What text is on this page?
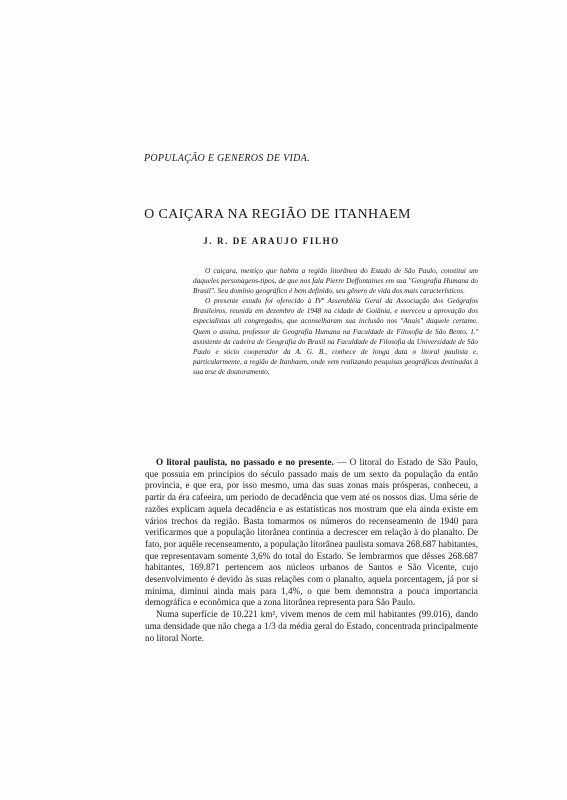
POPULAÇÃO E GENEROS DE VIDA.
O CAIÇARA NA REGIÃO DE ITANHAEM
J. R. DE ARAUJO FILHO

O caiçara, mestiço que habita a região litorânea do Estado de São Paulo, constitui um daqueles personagens-tipos, de que nos fala Pierre Deffontaines em sua "Geografia Humana do Brasil". Seu domínio geográfico é bem definido, seu gênero de vida dos mais característicos.

O presente estudo foi oferecido à IVª Assembléia Geral da Associação dos Geógrafos Brasileiros, reunida em dezembro de 1948 na cidade de Goiânia, e mereceu a aprovação dos especialistas ali congregados, que aconselharam sua inclusão nos "Anais" daquele certame. Quem o assina, professor de Geografia Humana na Faculdade de Filosofia de São Bento, 1.º assistente da cadeira de Geografia do Brasil na Faculdade de Filosofia da Universidade de São Paulo e sócio cooperador da A. G. B., conhece de longa data o litoral paulista e, particularmente, a região de Itanhaem, onde vem realizando pesquisas geográficas destinadas à sua tese de doutoramento.

O litoral paulista, no passado e no presente. — O litoral do Estado de São Paulo, que possuia em princípios do século passado mais de um sexto da população da então província, e que era, por isso mesmo, uma das suas zonas mais prósperas, conheceu, a partir da éra cafeeira, um período de decadência que vem até os nossos dias. Uma série de razões explicam aquela decadência e as estatísticas nos mostram que ela ainda existe em vários trechos da região. Basta tomarmos os números do recenseamento de 1940 para verificarmos que a população litorânea continúa a decrescer em relação à do planalto. De fato, por aquêle recenseamento, a população litorânea paulista somava 268.687 habitantes, que representavam somente 3,6% do total do Estado. Se lembrarmos que dêsses 268.687 habitantes, 169.871 pertencem aos núcleos urbanos de Santos e São Vicente, cujo desenvolvimento é devido às suas relações com o planalto, aquela porcentagem, já por si mínima, diminui ainda mais para 1,4%, o que bem demonstra a pouca importancia demográfica e econômica que a zona litorânea representa para São Paulo.

Numa superfície de 10.221 km², vivem menos de cem mil habitantes (99.016), dando uma densidade que não chega a 1/3 da média geral do Estado, concentrada principalmente no litoral Norte.
